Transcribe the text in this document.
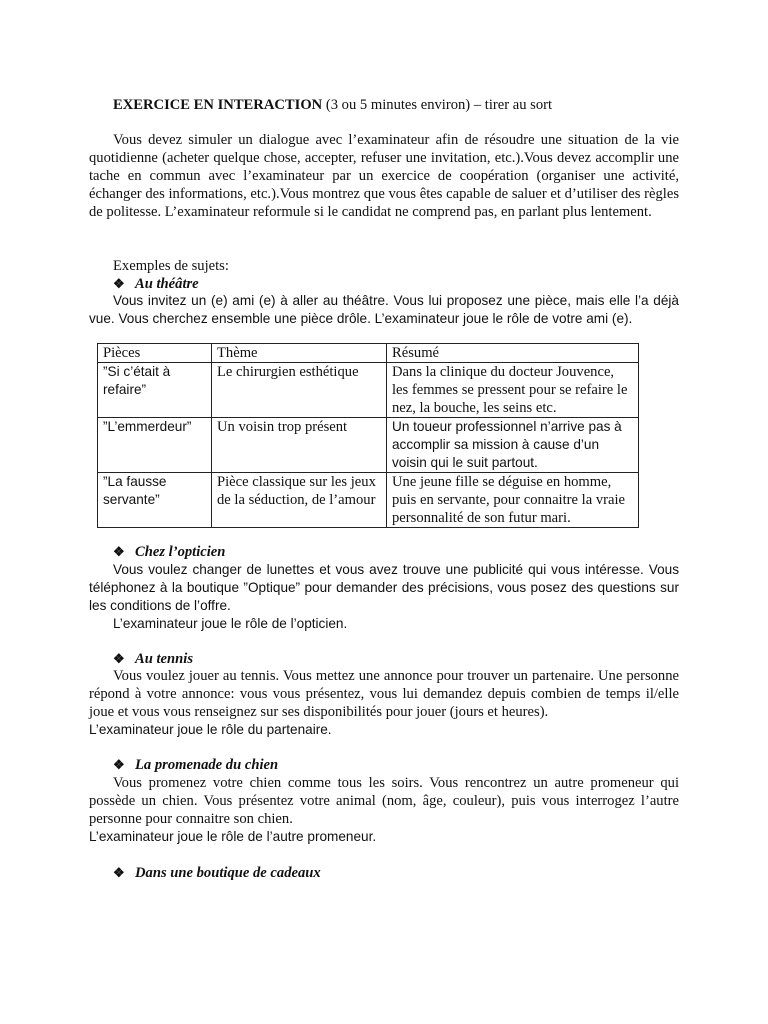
EXERCICE EN INTERACTION (3 ou 5 minutes environ) – tirer au sort
Vous devez simuler un dialogue avec l’examinateur afin de résoudre une situation de la vie quotidienne (acheter quelque chose, accepter, refuser une invitation, etc.).Vous devez accomplir une tache en commun avec l’examinateur par un exercice de coopération (organiser une activité, échanger des informations, etc.).Vous montrez que vous êtes capable de saluer et d’utiliser des règles de politesse. L’examinateur reformule si le candidat ne comprend pas, en parlant plus lentement.
Exemples de sujets:
❖ Au théâtre
Vous invitez un (e) ami (e) à aller au théâtre. Vous lui proposez une pièce, mais elle l’a déjà vue. Vous cherchez ensemble une pièce drôle. L’examinateur joue le rôle de votre ami (e).
Pièces	Thème	Résumé
”Si c’était à refaire”	Le chirurgien esthétique	Dans la clinique du docteur Jouvence, les femmes se pressent pour se refaire le nez, la bouche, les seins etc.
”L’emmerdeur”	Un voisin trop présent	Un toueur professionnel n’arrive pas à accomplir sa mission à cause d’un voisin qui le suit partout.
”La fausse servante”	Pièce classique sur les jeux de la séduction, de l’amour	Une jeune fille se déguise en homme, puis en servante, pour connaitre la vraie personnalité de son futur mari.
❖ Chez l’opticien
Vous voulez changer de lunettes et vous avez trouve une publicité qui vous intéresse. Vous téléphonez à la boutique ”Optique” pour demander des précisions, vous posez des questions sur les conditions de l’offre.
L’examinateur joue le rôle de l’opticien.
❖ Au tennis
Vous voulez jouer au tennis. Vous mettez une annonce pour trouver un partenaire. Une personne répond à votre annonce: vous vous présentez, vous lui demandez depuis combien de temps il/elle joue et vous vous renseignez sur ses disponibilités pour jouer (jours et heures).
L’examinateur joue le rôle du partenaire.
❖ La promenade du chien
Vous promenez votre chien comme tous les soirs. Vous rencontrez un autre promeneur qui possède un chien. Vous présentez votre animal (nom, âge, couleur), puis vous interrogez l’autre personne pour connaitre son chien.
L’examinateur joue le rôle de l’autre promeneur.
❖ Dans une boutique de cadeaux
